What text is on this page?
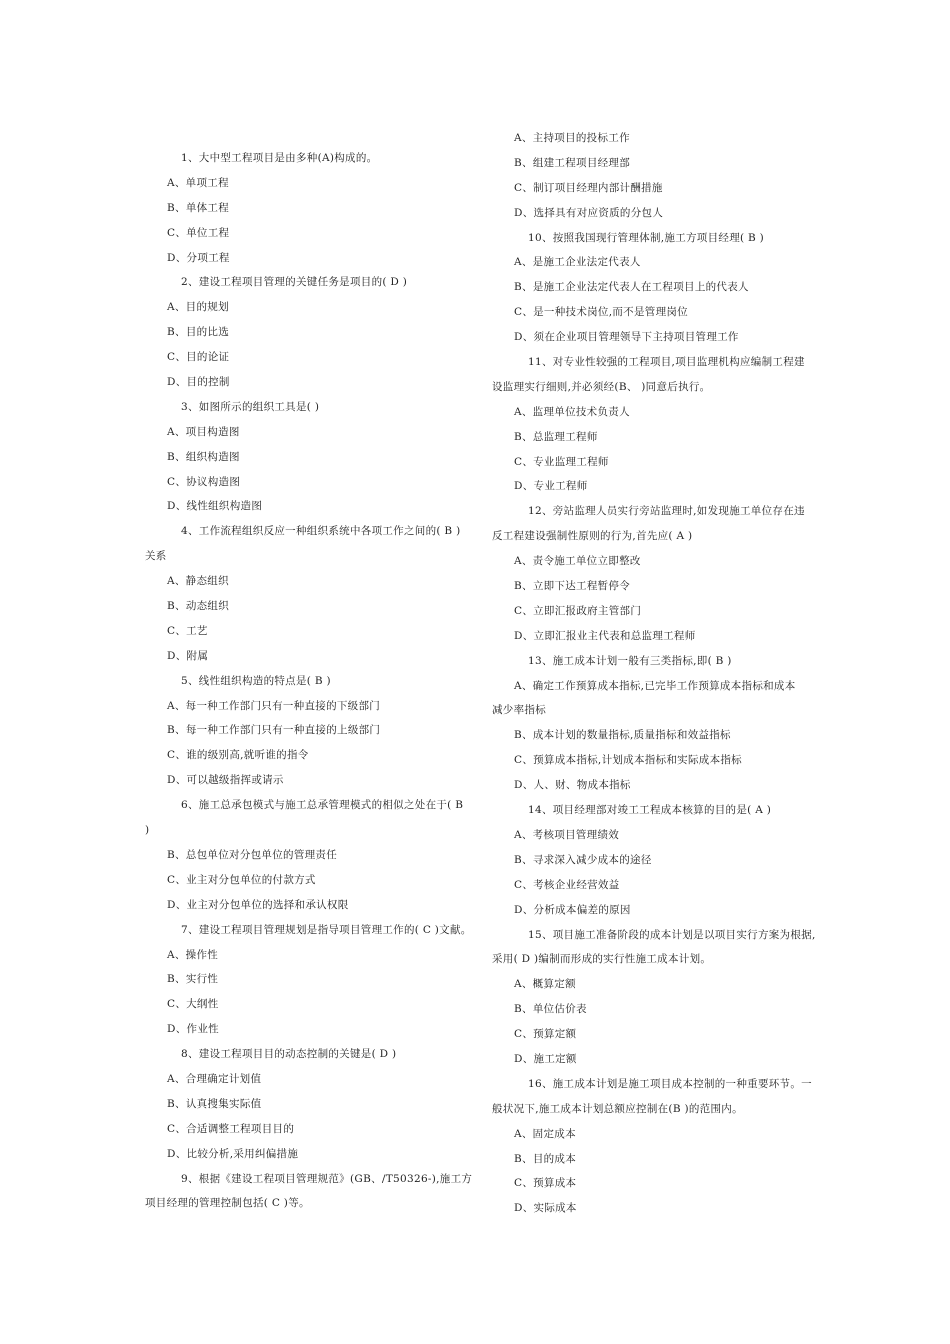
1、大中型工程项目是由多种(A)构成的。
A、单项工程
B、单体工程
C、单位工程
D、分项工程
2、建设工程项目管理的关键任务是项目的( D )
A、目的规划
B、目的比选
C、目的论证
D、目的控制
3、如图所示的组织工具是( )
A、项目构造图
B、组织构造图
C、协议构造图
D、线性组织构造图
4、工作流程组织反应一种组织系统中各项工作之间的( B )
关系
A、静态组织
B、动态组织
C、工艺
D、附属
5、线性组织构造的特点是( B )
A、每一种工作部门只有一种直接的下级部门
B、每一种工作部门只有一种直接的上级部门
C、谁的级别高,就听谁的指令
D、可以越级指挥或请示
6、施工总承包模式与施工总承管理模式的相似之处在于( B
)
B、总包单位对分包单位的管理责任
C、业主对分包单位的付款方式
D、业主对分包单位的选择和承认权限
7、建设工程项目管理规划是指导项目管理工作的( C )文献。
A、操作性
B、实行性
C、大纲性
D、作业性
8、建设工程项目目的动态控制的关键是( D )
A、合理确定计划值
B、认真搜集实际值
C、合适调整工程项目目的
D、比较分析,采用纠偏措施
9、根据《建设工程项目管理规范》(GB、/T50326-),施工方
项目经理的管理控制包括( C )等。
A、主持项目的投标工作
B、组建工程项目经理部
C、制订项目经理内部计酬措施
D、选择具有对应资质的分包人
10、按照我国现行管理体制,施工方项目经理( B )
A、是施工企业法定代表人
B、是施工企业法定代表人在工程项目上的代表人
C、是一种技术岗位,而不是管理岗位
D、须在企业项目管理领导下主持项目管理工作
11、对专业性较强的工程项目,项目监理机构应编制工程建
设监理实行细则,并必须经(B、 )同意后执行。
A、监理单位技术负责人
B、总监理工程师
C、专业监理工程师
D、专业工程师
12、旁站监理人员实行旁站监理时,如发现施工单位存在违
反工程建设强制性原则的行为,首先应( A )
A、责令施工单位立即整改
B、立即下达工程暂停令
C、立即汇报政府主管部门
D、立即汇报业主代表和总监理工程师
13、施工成本计划一般有三类指标,即( B )
A、确定工作预算成本指标,已完毕工作预算成本指标和成本
减少率指标
B、成本计划的数量指标,质量指标和效益指标
C、预算成本指标,计划成本指标和实际成本指标
D、人、财、物成本指标
14、项目经理部对竣工工程成本核算的目的是( A )
A、考核项目管理绩效
B、寻求深入减少成本的途径
C、考核企业经营效益
D、分析成本偏差的原因
15、项目施工准备阶段的成本计划是以项目实行方案为根据,
采用( D )编制而形成的实行性施工成本计划。
A、概算定额
B、单位估价表
C、预算定额
D、施工定额
16、施工成本计划是施工项目成本控制的一种重要环节。一
般状况下,施工成本计划总额应控制在(B )的范围内。
A、固定成本
B、目的成本
C、预算成本
D、实际成本
